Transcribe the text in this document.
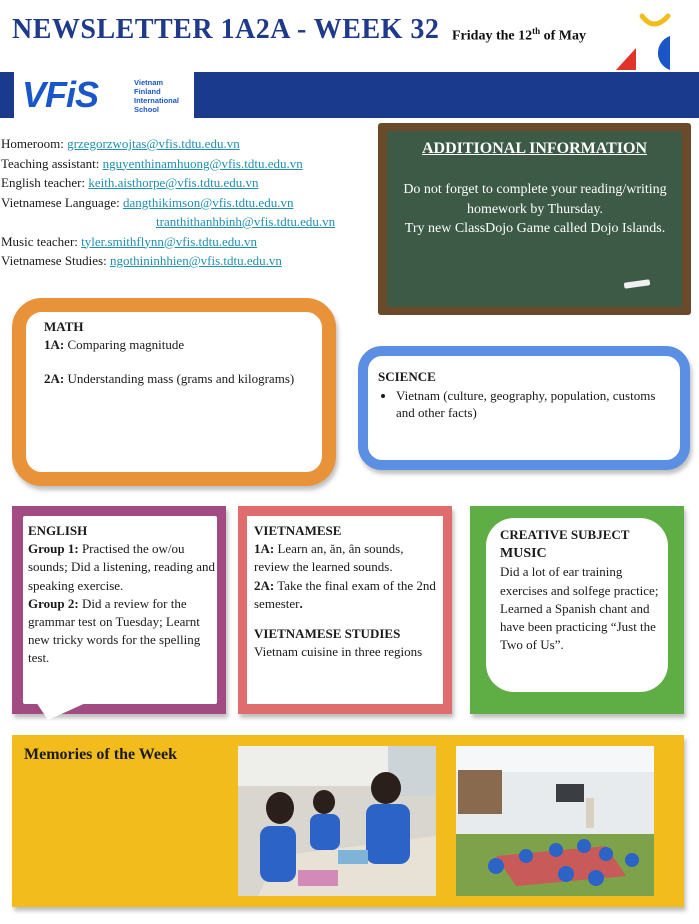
NEWSLETTER 1A2A - WEEK 32 Friday the 12th of May
VFiS	Vietnam
Finland
International
School
Homeroom: grzegorzwojtas@vfis.tdtu.edu.vn
Teaching assistant: nguyenthinamhuong@vfis.tdtu.edu.vn
English teacher: keith.aisthorpe@vfis.tdtu.edu.vn
Vietnamese Language: dangthikimson@vfis.tdtu.edu.vn
tranthithanhbinh@vfis.tdtu.edu.vn
Music teacher: tyler.smithflynn@vfis.tdtu.edu.vn
Vietnamese Studies: ngothininhhien@vfis.tdtu.edu.vn
ADDITIONAL INFORMATION
Do not forget to complete your reading/writing homework by Thursday.
Try new ClassDojo Game called Dojo Islands.
MATH
1A: Comparing magnitude
2A: Understanding mass (grams and kilograms)	SCIENCE
• Vietnam (culture, geography, population, customs and other facts)
ENGLISH
Group 1: Practised the ow/ou sounds; Did a listening, reading and speaking exercise.
Group 2: Did a review for the grammar test on Tuesday; Learnt new tricky words for the spelling test.
VIETNAMESE
1A: Learn an, ăn, ân sounds, review the learned sounds.
2A: Take the final exam of the 2nd semester.
VIETNAMESE STUDIES
Vietnam cuisine in three regions
CREATIVE SUBJECT
MUSIC
Did a lot of ear training exercises and solfege practice; Learned a Spanish chant and have been practicing “Just the Two of Us”.
Memories of the Week
